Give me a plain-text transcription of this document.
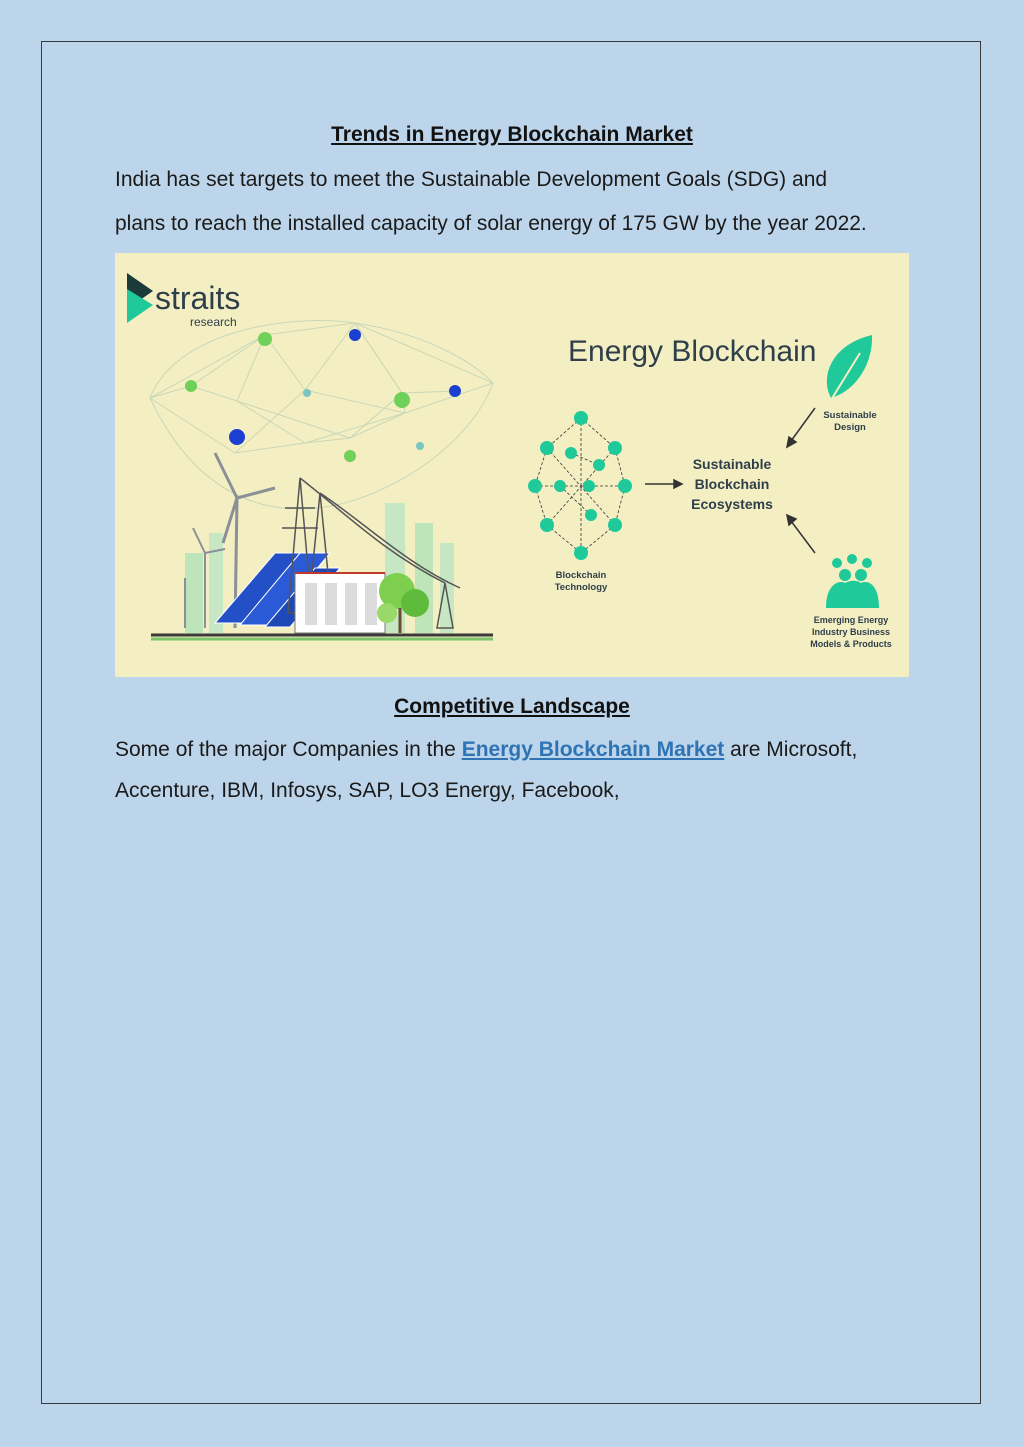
Trends in Energy Blockchain Market
India has set targets to meet the Sustainable Development Goals (SDG) and
plans to reach the installed capacity of solar energy of 175 GW by the year 2022.
straits
research
Energy Blockchain
Blockchain
Technology
Sustainable
Blockchain
Ecosystems
Sustainable
Design
Emerging Energy
Industry Business
Models & Products
Competitive Landscape
Some of the major Companies in the Energy Blockchain Market are Microsoft,
Accenture, IBM, Infosys, SAP, LO3 Energy, Facebook,
